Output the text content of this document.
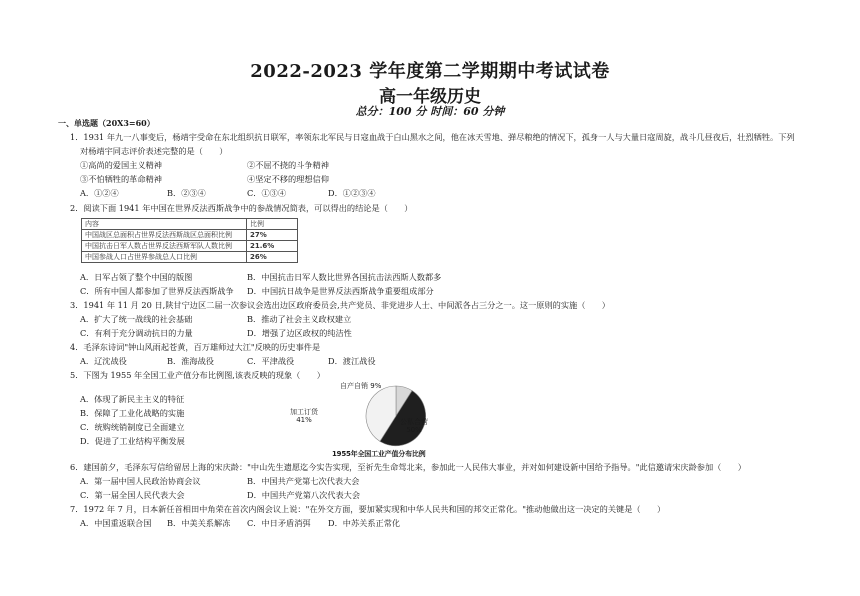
2022-2023 学年度第二学期期中考试试卷
高一年级历史
总分：100 分 时间：60 分钟
一、单选题（20X3=60）
1．1931 年九一八事变后，杨靖宇受命在东北组织抗日联军，率领东北军民与日寇血战于白山黑水之间，他在冰天雪地、弹尽粮绝的情况下，孤身一人与大量日寇周旋，战斗几昼夜后，壮烈牺牲。下列
对杨靖宇同志评价表述完整的是（　　）
①高尚的爱国主义精神	②不屈不挠的斗争精神
③不怕牺牲的革命精神	④坚定不移的理想信仰
A．①②④	B．②③④	C．①③④	D．①②③④
2．阅读下面 1941 年中国在世界反法西斯战争中的参战情况简表，可以得出的结论是（　　）
内容	比例
中国战区总面积占世界反法西斯战区总面积比例	27%
中国抗击日军人数占世界反法西斯军队人数比例	21.6%
中国参战人口占世界参战总人口比例	26%
A．日军占领了整个中国的版图	B．中国抗击日军人数比世界各国抗击法西斯人数都多
C．所有中国人都参加了世界反法西斯战争 D．中国抗日战争是世界反法西斯战争重要组成部分
3．1941 年 11 月 20 日,陕甘宁边区二届一次参议会选出边区政府委员会,共产党员、非党进步人士、中间派各占三分之一。这一原则的实施（　　）
A．扩大了统一战线的社会基础	B．推动了社会主义政权建立
C．有利于充分调动抗日的力量	D．增强了边区政权的纯洁性
4．毛泽东诗词"钟山风雨起苍黄，百万雄师过大江"反映的历史事件是
A．辽沈战役	B．淮海战役	C．平津战役	D．渡江战役
5．下图为 1955 年全国工业产值分布比例图,该表反映的现象（　　）
A．体现了新民主主义的特征
B．保障了工业化战略的实施
C．统购统销制度已全面建立
D．促进了工业结构平衡发展
自产自销 9%
公私合营
50%
加工订货
41%
1955年全国工业产值分布比例
6．建国前夕，毛泽东写信给留居上海的宋庆龄："中山先生遗愿迄今实告实现，至祈先生命驾北来，参加此一人民伟大事业，并对如何建设新中国给予指导。"此信邀请宋庆龄参加（　　）
A．第一届中国人民政治协商会议	B．中国共产党第七次代表大会
C．第一届全国人民代表大会	D．中国共产党第八次代表大会
7．1972 年 7 月，日本新任首相田中角荣在首次内阁会议上说："在外交方面，要加紧实现和中华人民共和国的邦交正常化。"推动他做出这一决定的关键是（　　）
A．中国重返联合国 B．中美关系解冻 C．中日矛盾消弭 D．中苏关系正常化
